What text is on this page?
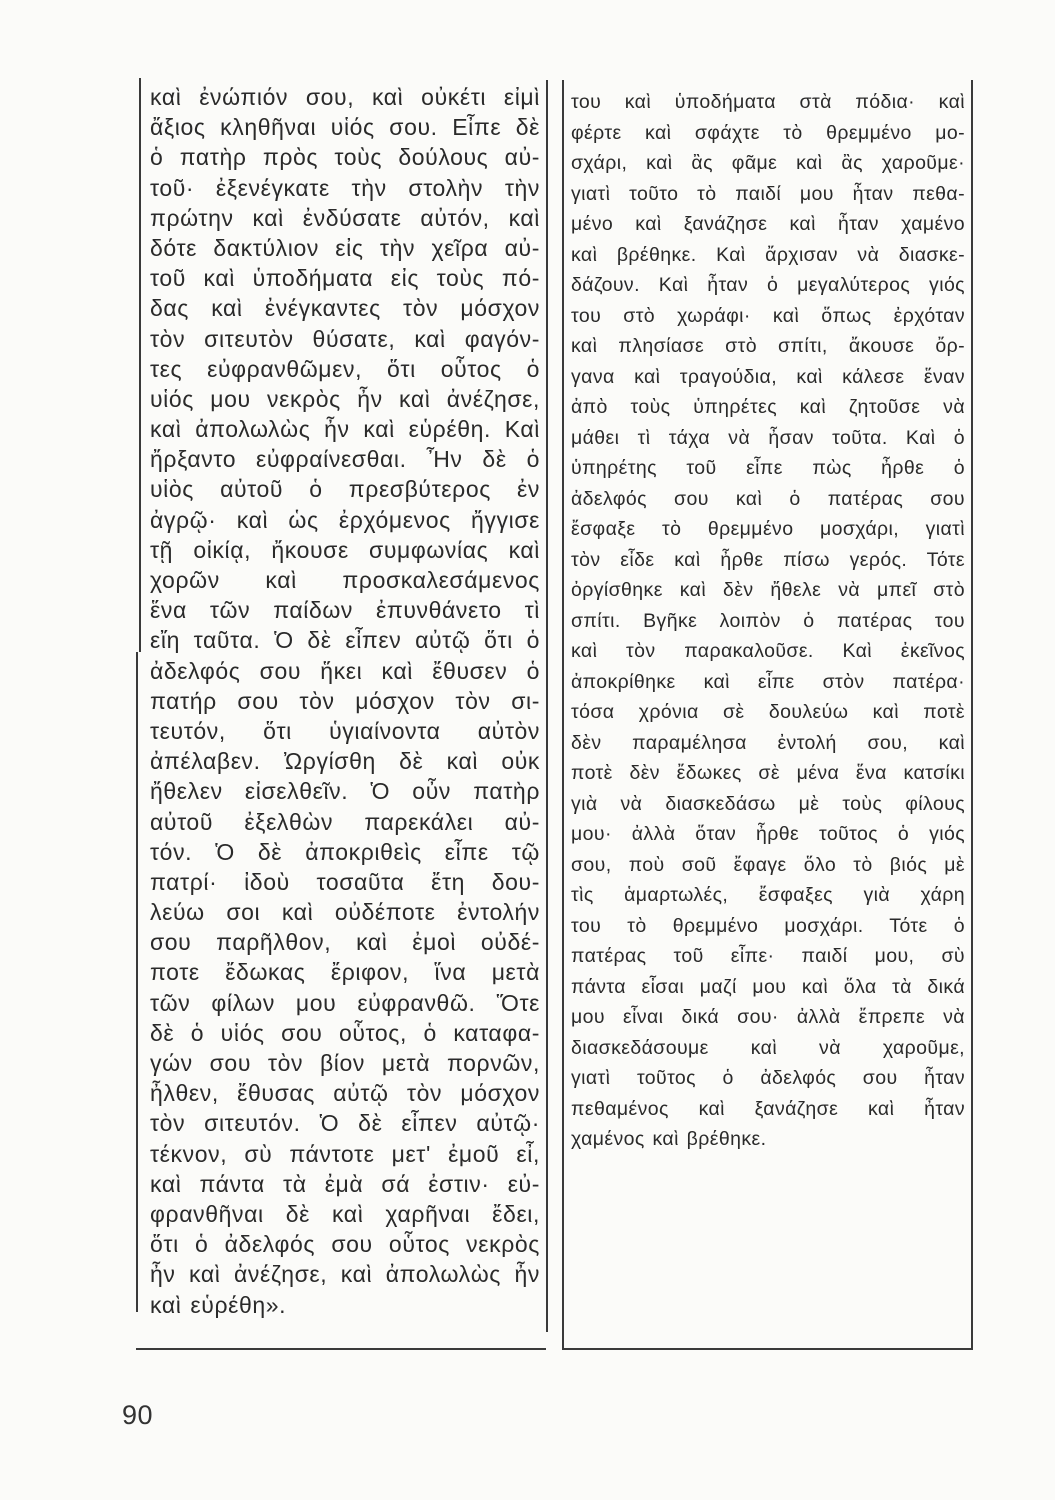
καὶ ἐνώπιόν σου, καὶ οὐκέτι εἰμὶ
ἄξιος κληθῆναι υἱός σου. Εἶπε δὲ
ὁ πατὴρ πρὸς τοὺς δούλους αὐ-
τοῦ· ἐξενέγκατε τὴν στολὴν τὴν
πρώτην καὶ ἐνδύσατε αὐτόν, καὶ
δότε δακτύλιον εἰς τὴν χεῖρα αὐ-
τοῦ καὶ ὑποδήματα εἰς τοὺς πό-
δας καὶ ἐνέγκαντες τὸν μόσχον
τὸν σιτευτὸν θύσατε, καὶ φαγόν-
τες εὐφρανθῶμεν, ὅτι οὗτος ὁ
υἱός μου νεκρὸς ἦν καὶ ἀνέζησε,
καὶ ἀπολωλὼς ἦν καὶ εὑρέθη. Καὶ
ἤρξαντο εὐφραίνεσθαι. Ἦν δὲ ὁ
υἱὸς αὐτοῦ ὁ πρεσβύτερος ἐν
ἀγρῷ· καὶ ὡς ἐρχόμενος ἤγγισε
τῇ οἰκίᾳ, ἤκουσε συμφωνίας καὶ
χορῶν καὶ προσκαλεσάμενος
ἕνα τῶν παίδων ἐπυνθάνετο τὶ
εἴη ταῦτα. Ὁ δὲ εἶπεν αὐτῷ ὅτι ὁ
ἀδελφός σου ἥκει καὶ ἔθυσεν ὁ
πατήρ σου τὸν μόσχον τὸν σι-
τευτόν, ὅτι ὑγιαίνοντα αὐτὸν
ἀπέλαβεν. Ὠργίσθη δὲ καὶ οὐκ
ἤθελεν εἰσελθεῖν. Ὁ οὖν πατὴρ
αὐτοῦ ἐξελθὼν παρεκάλει αὐ-
τόν. Ὁ δὲ ἀποκριθεὶς εἶπε τῷ
πατρί· ἰδοὺ τοσαῦτα ἔτη δου-
λεύω σοι καὶ οὐδέποτε ἐντολήν
σου παρῆλθον, καὶ ἐμοὶ οὐδέ-
ποτε ἔδωκας ἔριφον, ἵνα μετὰ
τῶν φίλων μου εὐφρανθῶ. Ὅτε
δὲ ὁ υἱός σου οὗτος, ὁ καταφα-
γών σου τὸν βίον μετὰ πορνῶν,
ἦλθεν, ἔθυσας αὐτῷ τὸν μόσχον
τὸν σιτευτόν. Ὁ δὲ εἶπεν αὐτῷ·
τέκνον, σὺ πάντοτε μετ' ἐμοῦ εἶ,
καὶ πάντα τὰ ἐμὰ σά ἐστιν· εὐ-
φρανθῆναι δὲ καὶ χαρῆναι ἔδει,
ὅτι ὁ ἀδελφός σου οὗτος νεκρὸς
ἦν καὶ ἀνέζησε, καὶ ἀπολωλὼς ἦν
καὶ εὑρέθη».
του καὶ ὑποδήματα στὰ πόδια· καὶ
φέρτε καὶ σφάχτε τὸ θρεμμένο μο-
σχάρι, καὶ ἂς φᾶμε καὶ ἂς χαροῦμε·
γιατὶ τοῦτο τὸ παιδί μου ἦταν πεθα-
μένο καὶ ξανάζησε καὶ ἦταν χαμένο
καὶ βρέθηκε. Καὶ ἄρχισαν νὰ διασκε-
δάζουν. Καὶ ἦταν ὁ μεγαλύτερος γιός
του στὸ χωράφι· καὶ ὅπως ἐρχόταν
καὶ πλησίασε στὸ σπίτι, ἄκουσε ὄρ-
γανα καὶ τραγούδια, καὶ κάλεσε ἕναν
ἀπὸ τοὺς ὑπηρέτες καὶ ζητοῦσε νὰ
μάθει τὶ τάχα νὰ ἦσαν τοῦτα. Καὶ ὁ
ὑπηρέτης τοῦ εἶπε πὼς ἦρθε ὁ
ἀδελφός σου καὶ ὁ πατέρας σου
ἔσφαξε τὸ θρεμμένο μοσχάρι, γιατὶ
τὸν εἶδε καὶ ἦρθε πίσω γερός. Τότε
ὀργίσθηκε καὶ δὲν ἤθελε νὰ μπεῖ στὸ
σπίτι. Βγῆκε λοιπὸν ὁ πατέρας του
καὶ τὸν παρακαλοῦσε. Καὶ ἐκεῖνος
ἀποκρίθηκε καὶ εἶπε στὸν πατέρα·
τόσα χρόνια σὲ δουλεύω καὶ ποτὲ
δὲν παραμέλησα ἐντολή σου, καὶ
ποτὲ δὲν ἔδωκες σὲ μένα ἕνα κατσίκι
γιὰ νὰ διασκεδάσω μὲ τοὺς φίλους
μου· ἀλλὰ ὅταν ἦρθε τοῦτος ὁ γιός
σου, ποὺ σοῦ ἔφαγε ὅλο τὸ βιός μὲ
τὶς ἁμαρτωλές, ἔσφαξες γιὰ χάρη
του τὸ θρεμμένο μοσχάρι. Τότε ὁ
πατέρας τοῦ εἶπε· παιδί μου, σὺ
πάντα εἶσαι μαζί μου καὶ ὅλα τὰ δικά
μου εἶναι δικά σου· ἀλλὰ ἔπρεπε νὰ
διασκεδάσουμε καὶ νὰ χαροῦμε,
γιατὶ τοῦτος ὁ ἀδελφός σου ἦταν
πεθαμένος καὶ ξανάζησε καὶ ἦταν
χαμένος καὶ βρέθηκε.
90
